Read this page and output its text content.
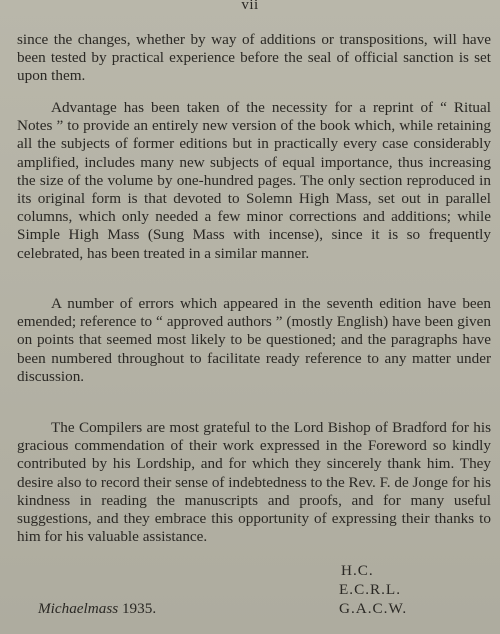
vii

since the changes, whether by way of additions or transpositions, will have been tested by practical experience before the seal of official sanction is set upon them.

Advantage has been taken of the necessity for a reprint of “ Ritual Notes ” to provide an entirely new version of the book which, while retaining all the subjects of former editions but in practically every case considerably amplified, includes many new subjects of equal importance, thus increasing the size of the volume by one-hundred pages. The only section reproduced in its original form is that devoted to Solemn High Mass, set out in parallel columns, which only needed a few minor corrections and additions; while Simple High Mass (Sung Mass with incense), since it is so frequently celebrated, has been treated in a similar manner.

A number of errors which appeared in the seventh edition have been emended; reference to “ approved authors ” (mostly English) have been given on points that seemed most likely to be questioned; and the paragraphs have been numbered throughout to facilitate ready reference to any matter under discussion.

The Compilers are most grateful to the Lord Bishop of Bradford for his gracious commendation of their work expressed in the Foreword so kindly contributed by his Lordship, and for which they sincerely thank him. They desire also to record their sense of indebtedness to the Rev. F. de Jonge for his kindness in reading the manuscripts and proofs, and for many useful suggestions, and they embrace this opportunity of expressing their thanks to him for his valuable assistance.

H.C.
E.C.R.L.
G.A.C.W.
Michaelmass 1935.
